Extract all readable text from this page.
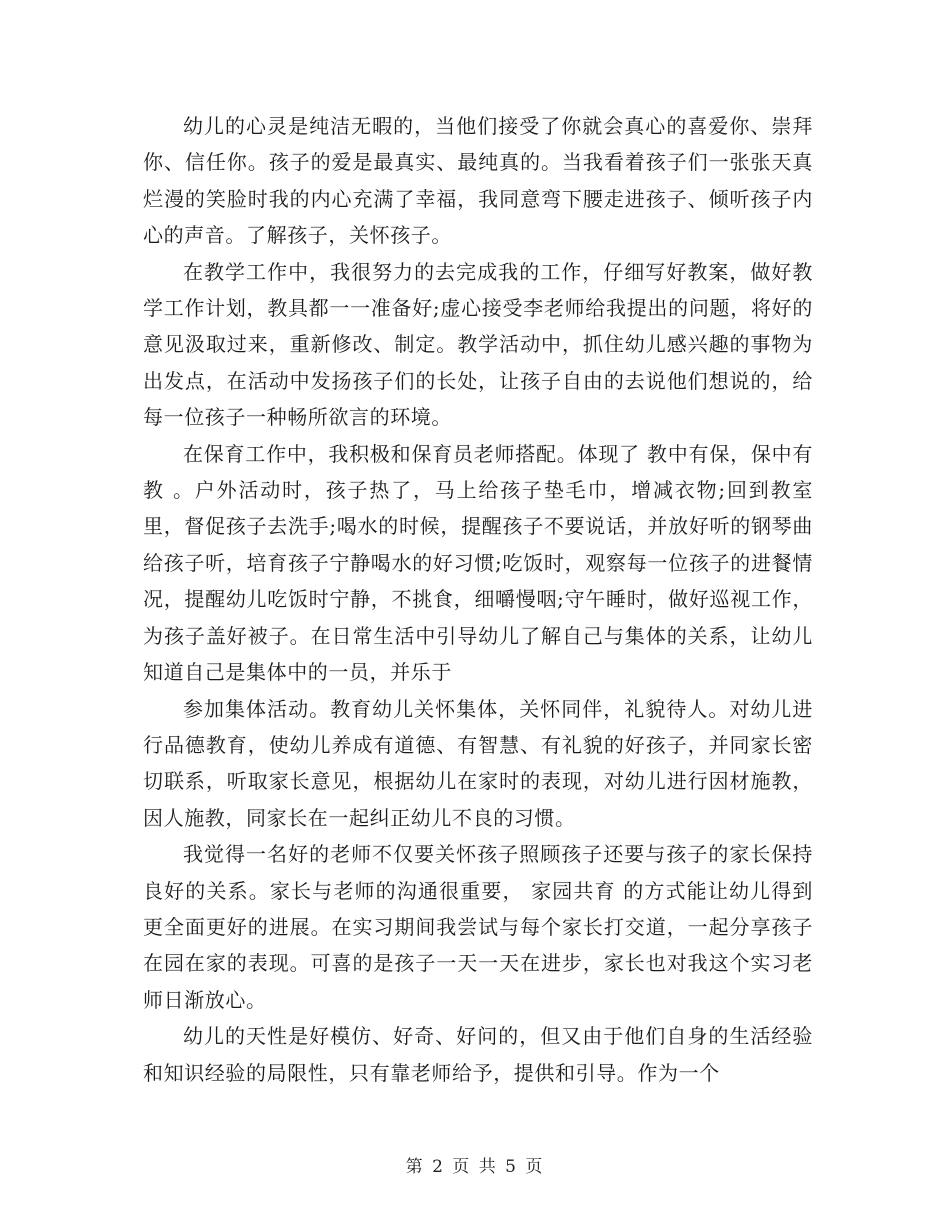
幼儿的心灵是纯洁无暇的，当他们接受了你就会真心的喜爱你、崇拜你、信任你。孩子的爱是最真实、最纯真的。当我看着孩子们一张张天真烂漫的笑脸时我的内心充满了幸福，我同意弯下腰走进孩子、倾听孩子内心的声音。了解孩子，关怀孩子。

在教学工作中，我很努力的去完成我的工作，仔细写好教案，做好教学工作计划，教具都一一准备好;虚心接受李老师给我提出的问题，将好的意见汲取过来，重新修改、制定。教学活动中，抓住幼儿感兴趣的事物为出发点，在活动中发扬孩子们的长处，让孩子自由的去说他们想说的，给每一位孩子一种畅所欲言的环境。

在保育工作中，我积极和保育员老师搭配。体现了 教中有保，保中有教 。户外活动时，孩子热了，马上给孩子垫毛巾，增减衣物;回到教室里，督促孩子去洗手;喝水的时候，提醒孩子不要说话，并放好听的钢琴曲给孩子听，培育孩子宁静喝水的好习惯;吃饭时，观察每一位孩子的进餐情况，提醒幼儿吃饭时宁静，不挑食，细嚼慢咽;守午睡时，做好巡视工作，为孩子盖好被子。在日常生活中引导幼儿了解自己与集体的关系，让幼儿知道自己是集体中的一员，并乐于

参加集体活动。教育幼儿关怀集体，关怀同伴，礼貌待人。对幼儿进行品德教育，使幼儿养成有道德、有智慧、有礼貌的好孩子，并同家长密切联系，听取家长意见，根据幼儿在家时的表现，对幼儿进行因材施教，因人施教，同家长在一起纠正幼儿不良的习惯。

我觉得一名好的老师不仅要关怀孩子照顾孩子还要与孩子的家长保持良好的关系。家长与老师的沟通很重要， 家园共育 的方式能让幼儿得到更全面更好的进展。在实习期间我尝试与每个家长打交道，一起分享孩子在园在家的表现。可喜的是孩子一天一天在进步，家长也对我这个实习老师日渐放心。

幼儿的天性是好模仿、好奇、好问的，但又由于他们自身的生活经验和知识经验的局限性，只有靠老师给予，提供和引导。作为一个

第 2 页 共 5 页
